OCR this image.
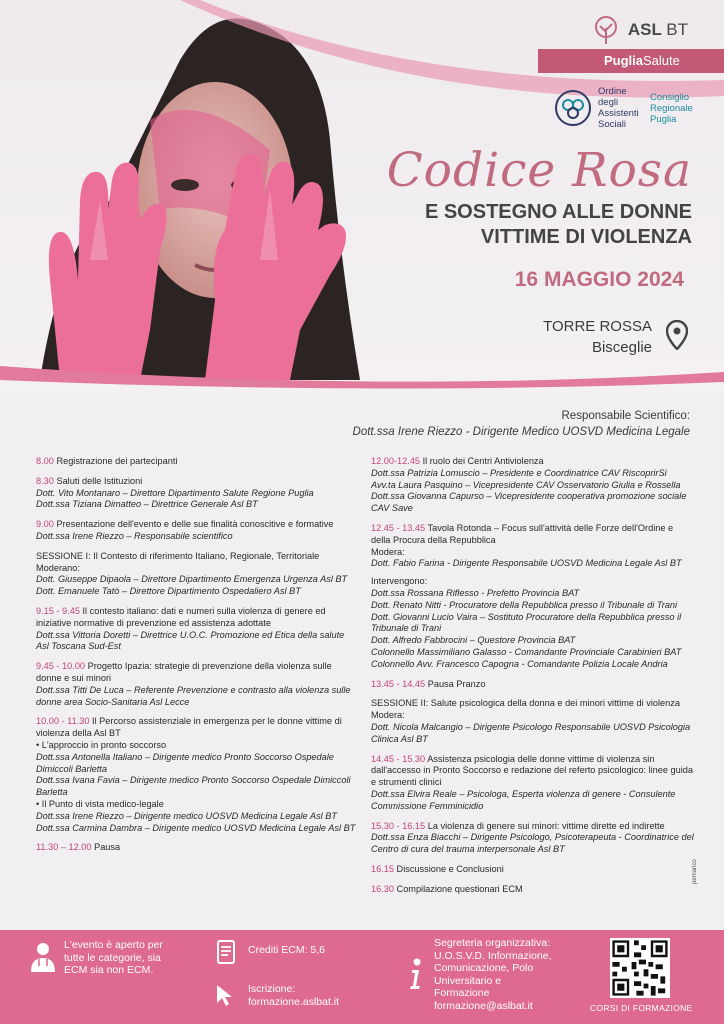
ASL BT
PugliaSalute
Ordine degli
Assistenti
Sociali
Consiglio
Regionale
Puglia
Codice Rosa
E SOSTEGNO ALLE DONNE
VITTIME DI VIOLENZA
16 MAGGIO 2024
TORRE ROSSA
Bisceglie
Responsabile Scientifico:
Dott.ssa Irene Riezzo - Dirigente Medico UOSVD Medicina Legale
8.00 Registrazione dei partecipanti
8.30 Saluti delle Istituzioni
Dott. Vito Montanaro – Direttore Dipartimento Salute Regione Puglia
Dott.ssa Tiziana Dimatteo – Direttrice Generale Asl BT
9.00 Presentazione dell'evento e delle sue finalità conoscitive e formative
Dott.ssa Irene Riezzo – Responsabile scientifico
SESSIONE I: Il Contesto di riferimento Italiano, Regionale, Territoriale
Moderano:
Dott. Giuseppe Dipaola – Direttore Dipartimento Emergenza Urgenza Asl BT
Dott. Emanuele Tatò – Direttore Dipartimento Ospedaliero Asl BT
9.15 - 9.45 Il contesto italiano: dati e numeri sulla violenza di genere ed iniziative normative di prevenzione ed assistenza adottate
Dott.ssa Vittoria Doretti – Direttrice U.O.C. Promozione ed Etica della salute Asl Toscana Sud-Est
9.45 - 10.00 Progetto Ipazia: strategie di prevenzione della violenza sulle donne e sui minori
Dott.ssa Titti De Luca – Referente Prevenzione e contrasto alla violenza sulle donne area Socio-Sanitaria Asl Lecce
10.00 - 11.30 Il Percorso assistenziale in emergenza per le donne vittime di violenza della Asl BT
• L'approccio in pronto soccorso
Dott.ssa Antonella Italiano – Dirigente medico Pronto Soccorso Ospedale Dimiccoli Barletta
Dott.ssa Ivana Favia – Dirigente medico Pronto Soccorso Ospedale Dimiccoli Barletta
• Il Punto di vista medico-legale
Dott.ssa Irene Riezzo – Dirigente medico UOSVD Medicina Legale Asl BT
Dott.ssa Carmina Dambra – Dirigente medico UOSVD Medicina Legale Asl BT
11.30 – 12.00 Pausa
12.00-12.45 Il ruolo dei Centri Antiviolenza
Dott.ssa Patrizia Lomuscio – Presidente e Coordinatrice CAV RiscoprirSi
Avv.ta Laura Pasquino – Vicepresidente CAV Osservatorio Giulia e Rossella
Dott.ssa Giovanna Capurso – Vicepresidente cooperativa promozione sociale CAV Save
12.45 - 13.45 Tavola Rotonda – Focus sull'attività delle Forze dell'Ordine e della Procura della Repubblica
Modera:
Dott. Fabio Farina - Dirigente Responsabile UOSVD Medicina Legale Asl BT
Intervengono:
Dott.ssa Rossana Riflesso - Prefetto Provincia BAT
Dott. Renato Nitti - Procuratore della Repubblica presso il Tribunale di Trani
Dott. Giovanni Lucio Vaira – Sostituto Procuratore della Repubblica presso il Tribunale di Trani
Dott. Alfredo Fabbrocini – Questore Provincia BAT
Colonnello Massimiliano Galasso - Comandante Provinciale Carabinieri BAT
Colonnello Avv. Francesco Capogna - Comandante Polizia Locale Andria
13.45 - 14.45 Pausa Pranzo
SESSIONE II: Salute psicologica della donna e dei minori vittime di violenza
Modera:
Dott. Nicola Malcangio – Dirigente Psicologo Responsabile UOSVD Psicologia Clinica Asl BT
14.45 - 15.30 Assistenza psicologia delle donne vittime di violenza sin dall'accesso in Pronto Soccorso e redazione del referto psicologico: linee guida e strumenti clinici
Dott.ssa Elvira Reale – Psicologa, Esperta violenza di genere - Consulente Commissione Femminicidio
15.30 - 16.15 La violenza di genere sui minori: vittime dirette ed indirette
Dott.ssa Enza Biacchi – Dirigente Psicologo, Psicoterapeuta - Coordinatrice del Centro di cura del trauma interpersonale Asl BT
16.15 Discussione e Conclusioni
16.30 Compilazione questionari ECM
pemarico
L'evento è aperto per
tutte le categorie, sia
ECM sia non ECM.
Crediti ECM: 5,6
Iscrizione:
formazione.aslbat.it
Segreteria organizzativa:
U.O.S.V.D. Informazione,
Comunicazione, Polo
Universitario e
Formazione
formazione@aslbat.it	CORSI DI FORMAZIONE
